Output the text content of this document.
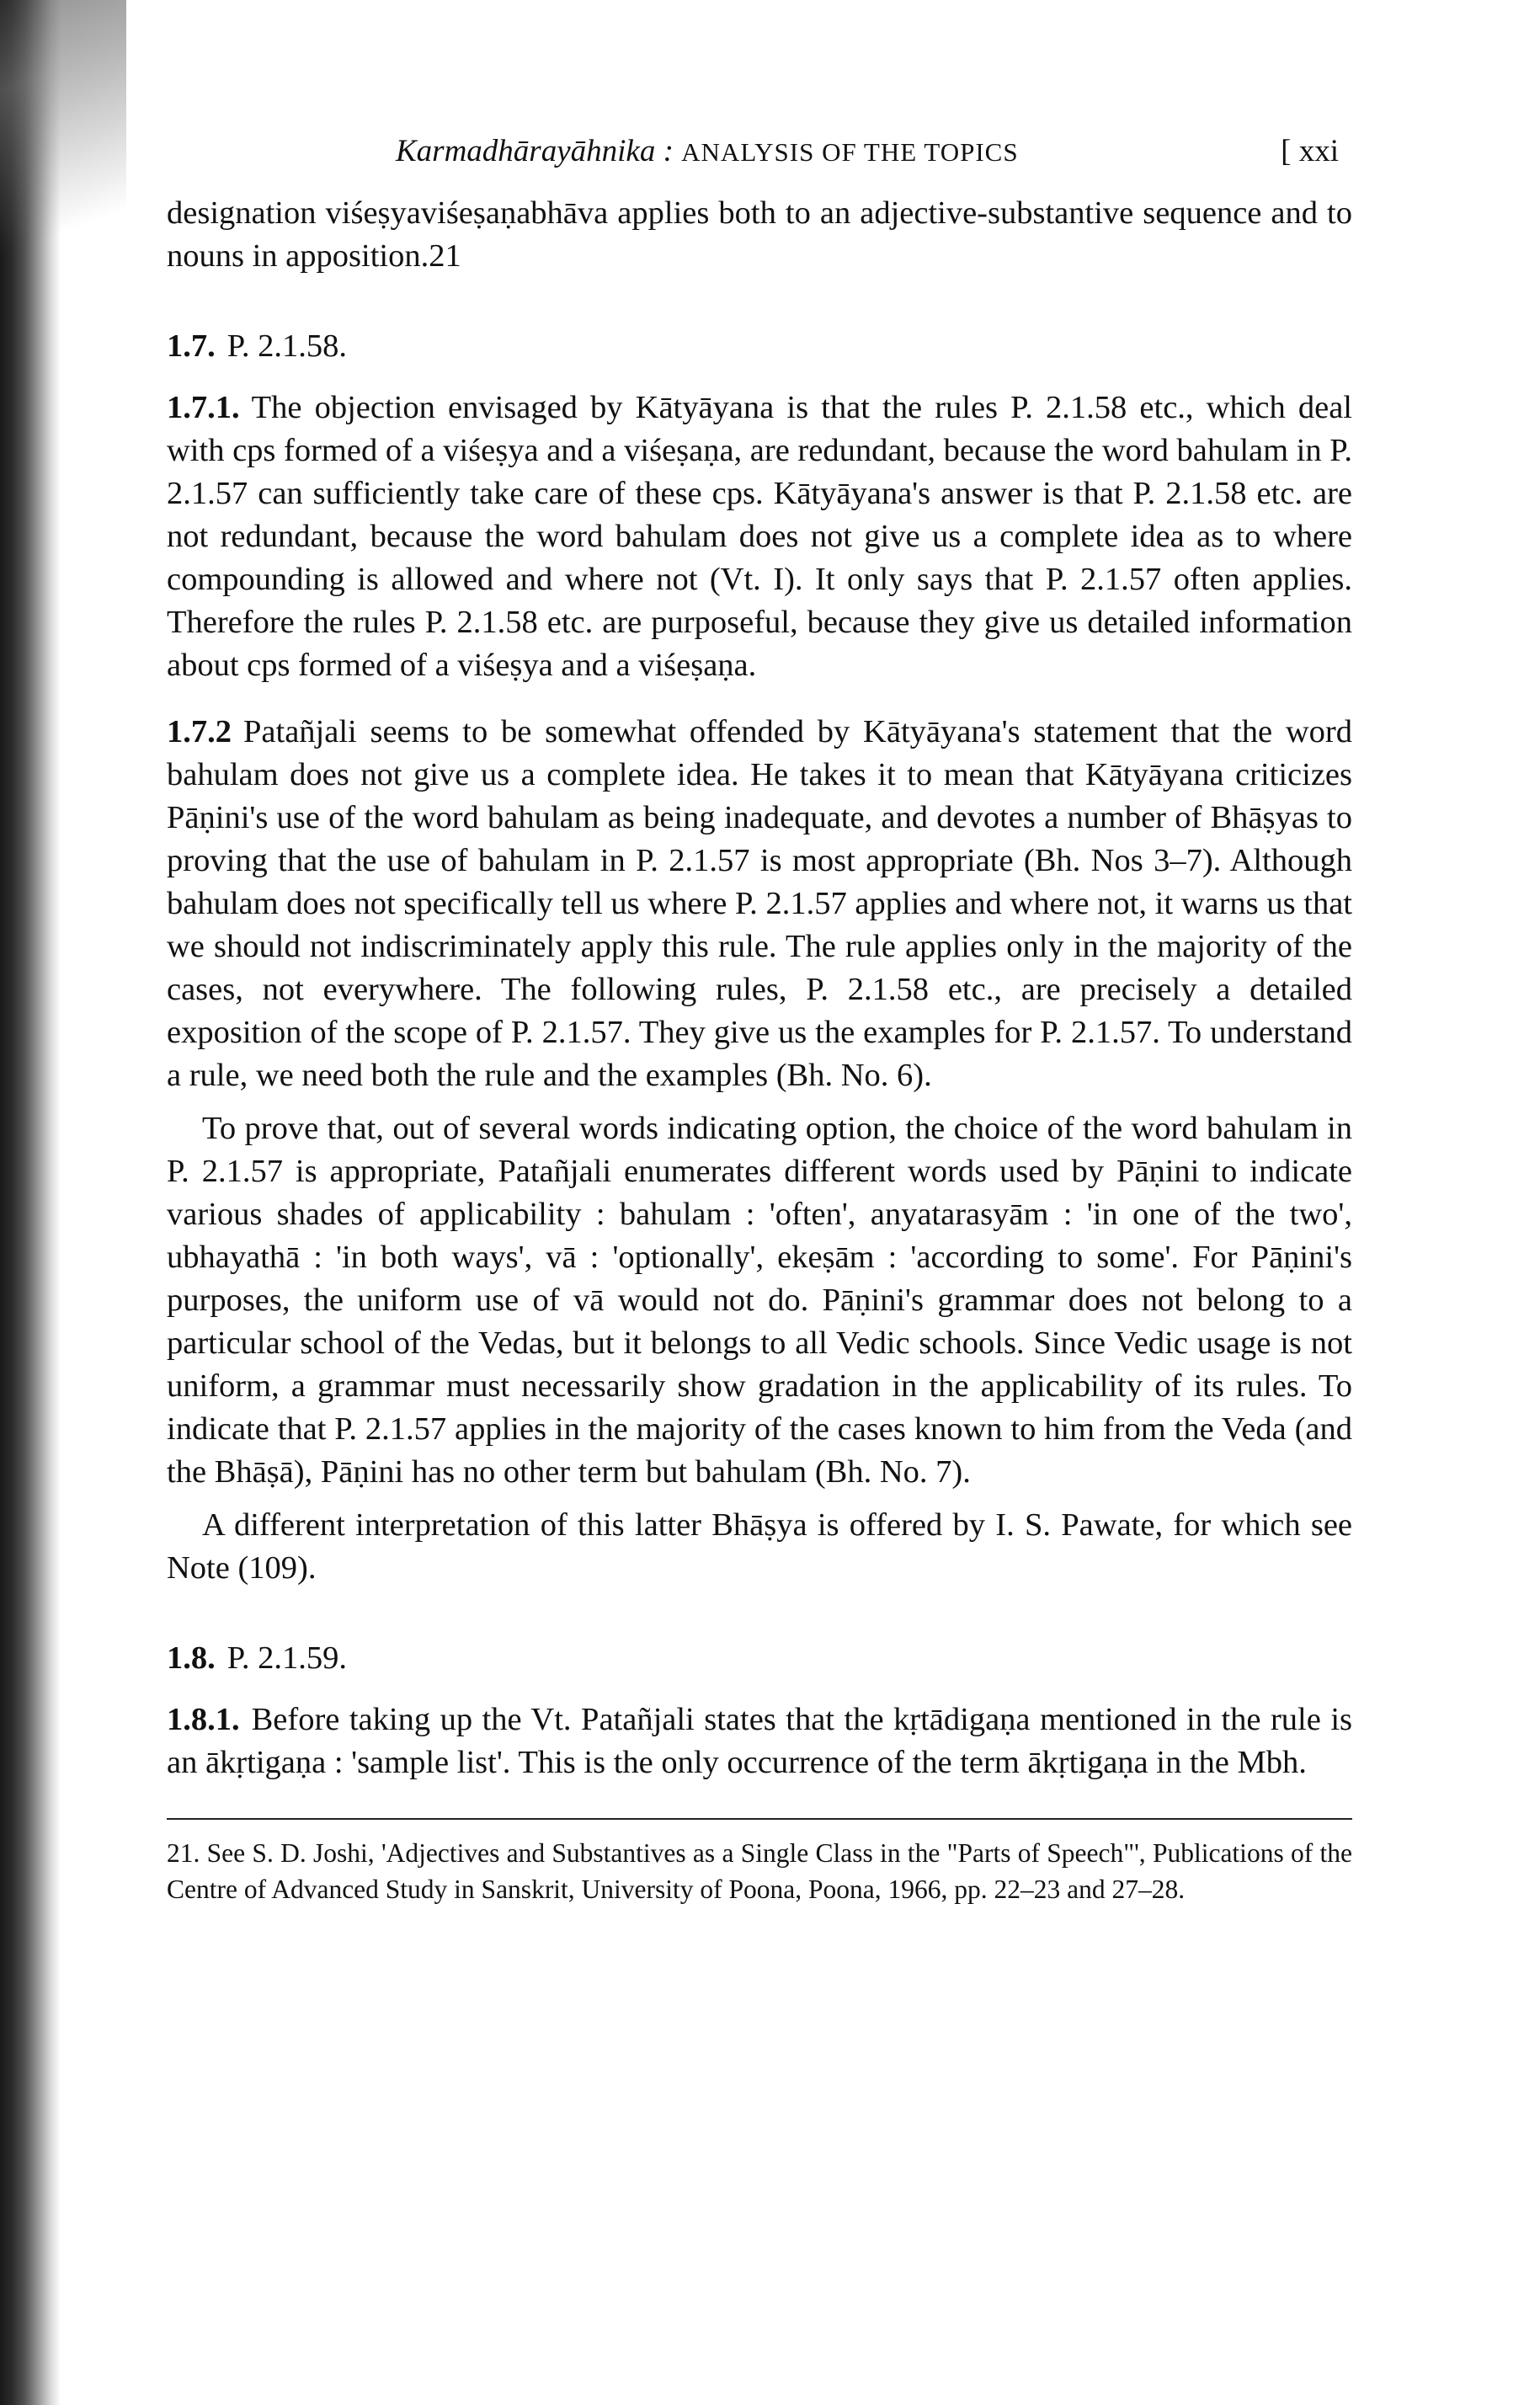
Karmadhārayāhnika : ANALYSIS OF THE TOPICS	[ xxi

designation viśeṣyaviśeṣaṇabhāva applies both to an adjective-substantive sequence and to nouns in apposition.21

1.7. P. 2.1.58.

1.7.1. The objection envisaged by Kātyāyana is that the rules P. 2.1.58 etc., which deal with cps formed of a viśeṣya and a viśeṣaṇa, are redundant, because the word bahulam in P. 2.1.57 can sufficiently take care of these cps. Kātyāyana's answer is that P. 2.1.58 etc. are not redundant, because the word bahulam does not give us a complete idea as to where compounding is allowed and where not (Vt. I). It only says that P. 2.1.57 often applies. Therefore the rules P. 2.1.58 etc. are purposeful, because they give us detailed information about cps formed of a viśeṣya and a viśeṣaṇa.

1.7.2 Patañjali seems to be somewhat offended by Kātyāyana's statement that the word bahulam does not give us a complete idea. He takes it to mean that Kātyāyana criticizes Pāṇini's use of the word bahulam as being inadequate, and devotes a number of Bhāṣyas to proving that the use of bahulam in P. 2.1.57 is most appropriate (Bh. Nos 3–7). Although bahulam does not specifically tell us where P. 2.1.57 applies and where not, it warns us that we should not indiscriminately apply this rule. The rule applies only in the majority of the cases, not everywhere. The following rules, P. 2.1.58 etc., are precisely a detailed exposition of the scope of P. 2.1.57. They give us the examples for P. 2.1.57. To understand a rule, we need both the rule and the examples (Bh. No. 6).

To prove that, out of several words indicating option, the choice of the word bahulam in P. 2.1.57 is appropriate, Patañjali enumerates different words used by Pāṇini to indicate various shades of applicability : bahulam : 'often', anyatarasyām : 'in one of the two', ubhayathā : 'in both ways', vā : 'optionally', ekeṣām : 'according to some'. For Pāṇini's purposes, the uniform use of vā would not do. Pāṇini's grammar does not belong to a particular school of the Vedas, but it belongs to all Vedic schools. Since Vedic usage is not uniform, a grammar must necessarily show gradation in the applicability of its rules. To indicate that P. 2.1.57 applies in the majority of the cases known to him from the Veda (and the Bhāṣā), Pāṇini has no other term but bahulam (Bh. No. 7).

A different interpretation of this latter Bhāṣya is offered by I. S. Pawate, for which see Note (109).

1.8. P. 2.1.59.

1.8.1. Before taking up the Vt. Patañjali states that the kṛtādigaṇa mentioned in the rule is an ākṛtigaṇa : 'sample list'. This is the only occurrence of the term ākṛtigaṇa in the Mbh.

21. See S. D. Joshi, 'Adjectives and Substantives as a Single Class in the "Parts of Speech"', Publications of the Centre of Advanced Study in Sanskrit, University of Poona, Poona, 1966, pp. 22–23 and 27–28.
